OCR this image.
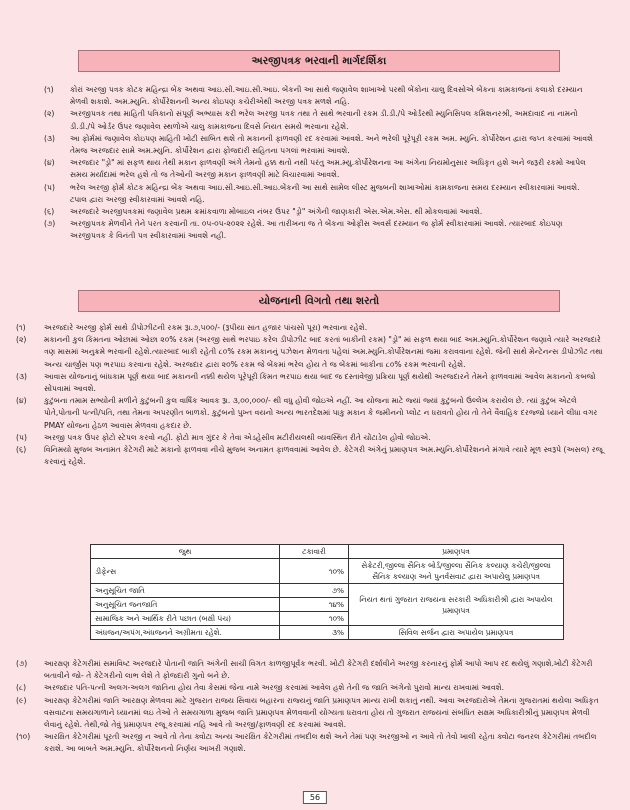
અરજીપત્રક ભરવાની માર્ગદર્શિકા
(૧)	કોરાં અરજી પત્રક કોટક મહિન્દ્રા બેંક અથવા આઇ.સી.આઇ.સી.આઇ. બેંકની આ સાથે જણાવેલ શાખાઓ પરથી બેંકોના ચાલુ દિવસોએ બેંકના કામકાજનાં કલાકો દરમ્યાન મેળવી શકાશે. અમ.મ્યુનિ. કોર્પોરેશનની અન્ય કોઇપણ કચેરીએથી અરજી પત્રક મળશે નહિ.
(૨)	અરજીપત્રક તથા માહિતી પત્રિકાનો સંપૂર્ણ અભ્યાસ કરી ભરેલ અરજી પત્રક તથા તે સાથે ભરવાની રકમ ડી.ડી./પે ઓર્ડરથી મ્યુનિસિપલ કમિશનરશ્રી, અમદાવાદ ના નામનો ડી.ડી./પે ઓર્ડર ઉપર જણાવેલ સ્થળોએ ચાલુ કામકાજના દિવસે નિયત સમયે ભરવાના રહેશે.
(૩)	આ ફોર્મમાં જણાવેલ કોઇપણ માહિતી ખોટી સાબિત થશે તો મકાનની ફાળવણી રદ કરવામાં આવશે. અને ભરેલી પૂરેપૂરી રકમ અમ. મ્યુનિ. કોર્પોરેશન દ્વારા જપ્ત કરવામાં આવશે તેમજ અરજદાર સામે અમ.મ્યુનિ. કોર્પોરેશન દ્વારા ફોજદારી સહિતના પગલાં ભરવામાં આવશે.
(૪)	અરજદાર "ડ્રો" માં સફળ થાય તેથી મકાન ફાળવણી અંગે તેમનો હક્ક થતો નથી પરંતુ અમ.મ્યુ.કોર્પોરેશનના આ અંગેના નિયમોનુસાર અધિકૃત હશે અને જરૂરી રકમો આપેલ સમય મર્યાદામાં ભરેલ હશે તો જ તેઓની અરજી મકાન ફાળવણી માટે વિચારવામાં આવશે.
(૫)	ભરેલ અરજી ફોર્મ કોટક મહિન્દ્રા બેંક અથવા આઇ.સી.આઇ.સી.આઇ.બેંકની આ સાથે સામેલ લીસ્ટ મુજબની શાખાઓમાં કામકાજના સમય દરમ્યાન સ્વીકારવામાં આવશે. ટપાલ દ્વારા અરજી સ્વીકારવામાં આવશે નહિ.
(૬)	અરજદારે અરજીપત્રકમાં જણાવેલ પ્રથમ ક્રમાંકવાળા મોબાઇલ નંબર ઉપર "ડ્રો" અંગેની જાણકારી એસ.એમ.એસ. થી મોકલવામાં આવશે.
(૭)	અરજીપત્રક મેળવીને તેને પરત કરવાની તા. ૦૫-૦૫-૨૦૨૨ રહેશે. આ તારીખના જ તે બેંકના ઓફીસ અવર્સ દરમ્યાન જ ફોર્મ સ્વીકારવામાં આવશે. ત્યારબાદ કોઇપણ અરજીપત્રક કે વિનંતી પત્ર સ્વીકારવામાં આવશે નહી.
યોજનાની વિગતો તથા શરતો
(૧)	અરજદારે અરજી ફોર્મ સાથે ડીપોઝીટની રકમ રૂા.૭,૫૦૦/- (રૂપીયા સાત હજાર પાંચસો પૂરા) ભરવાના રહેશે.
(૨)	મકાનની કુલ કિંમતના ઓછામાં ઓછા ૨૦% રકમ (અરજી સાથે ભરપાઇ કરેલ ડીપોઝીટ બાદ કરતાં બાકીની રકમ) "ડ્રો" માં સફળ થયા બાદ અમ.મ્યુનિ.કોર્પોરેશન જણાવે ત્યારે અરજદારે ત્રણ માસમાં અનુક્રમે ભરવાની રહેશે.ત્યારબાદ બાકી રહેતી ૮૦% રકમ મકાનનું પઝેશન મેળવતા પહેલાં અમ.મ્યુનિ.કોર્પોરેશનમાં જમા કરાવવાના રહેશે. જેની સાથે મેન્ટેનન્સ ડીપોઝીટ તથા અન્ય ચાર્જીસ પણ ભરપાઇ કરવાના રહેશે. અરજદાર દ્વારા ૨૦% રકમ જે બેંકમાં ભરેલ હોય તે જ બેંકમાં બાકીના ૮૦% રકમ ભરવાની રહેશે.
(૩)	આવાસ યોજનાનું બાંધકામ પૂર્ણ થયા બાદ મકાનની નક્કી થયેલ પૂરેપૂરી કિંમત ભરપાઇ થયા બાદ જ દસ્તાવેજી પ્રક્રિયા પૂર્ણ થયેથી અરજદારને તેમને ફાળવવામાં આવેલ મકાનનો કબજો સોંપવામાં આવશે.
(૪)	કુટુંબના તમામ સભ્યોની મળીને કુટુંબની કુલ વાર્ષિક આવક રૂા. ૩,૦૦,૦૦૦/- થી વધુ હોવી જોઇએ નહીં. આ યોજના માટે જ્યાં જ્યાં કુટુંબનો ઉલ્લેખ કરાયેલ છે. ત્યાં કુટુંબ એટલે પોતે,પોતાની પત્ની/પતિ, તથા તેમના અપરણીત બાળકો. કુટુંબનો પુખ્ત વયનો અન્ય ભારતદેશમાં પાકુ મકાન કે જમીનનો પ્લોટ ન ધરાવતો હોય તો તેને વૈવાહિક દરજ્જો ધ્યાને લીધા વગર PMAY યોજના હેઠળ આવાસ મેળવવા હકદાર છે.
(૫)	અરજી પત્રક ઉપર ફોટો સ્ટેપલ કરવો નહી. ફોટો માત્ર ગુંદર કે તેવા એડહેસીવ મટીરીયલથી વ્યવસ્થિત રીતે ચોંટાડેલ હોવો જોઇએ.
(૬)	વિનિમયો મુજબ અનામત કેટેગરી માટે મકાનો ફાળવવા નીચે મુજબ અનામત ફાળવવામાં આવેલ છે. કેટેગરી અંગેનું પ્રમાણપત્ર અમ.મ્યુનિ.કોર્પોરેશનને મંગાવે ત્યારે મૂળ સ્વરૂપે (અસલ) રજૂ કરવાનું રહેશે.
જુથ	ટકાવારી	પ્રમાણપત્ર
ડીફેન્સ	૧૦%	સેક્રેટરી,જીલ્લા સૈનિક બોર્ડ/જીલ્લા સૈનિક કલ્યાણ કચેરી/જીલ્લા સૈનિક કલ્યાણ અને પુનર્વસવાટ દ્વારા અપાયેલુ પ્રમાણપત્ર
અનુસૂચિત જાતિ	૭%	નિયત થતાં ગુજરાત રાજયના સરકારી અધિકારીશ્રી દ્વારા અપાયેલ પ્રમાણપત્ર
અનુસૂચિત જનજાતિ	૧૪%	
સામાજિક અને આર્થિક રીતે પછાત (બક્ષી પંચ)	૧૦%	
અંધજન/અપંગ,અંધજનને અગ્રીમતા રહેશે.	૩%	સિવિલ સર્જન દ્વારા અપાયેલ પ્રમાણપત્ર
(૭)	આરક્ષણ કેટેગરીમાં સમાવિષ્ટ અરજદારે પોતાની જાતિ અંગેની સાચી વિગત કાળજીપૂર્વક ભરવી. ખોટી કેટેગરી દર્શાવીને અરજી કરનારનું ફોર્મ આપો આપ રદ થયેલું ગણાશે.ખોટી કેટેગરી બતાવીને જો- તે કેટેગરીનો લાભ લેશે તે ફોજદારી ગુનો બને છે.
(૮)	અરજદાર પતિ-પત્ની અલગ-અલગ જાતિના હોય તેવા કેસમાં જેના નામે અરજી કરવામાં આવેલ હશે તેની જ જાતિ અંગેનો પુરાવો માન્ય રાખવામાં આવશે.
(૯)	આરક્ષણ કેટેગરીમાં જાતિ આરક્ષણ મેળવવા માટે ગુજરાત રાજય સિવાય બહારના રાજ્યનું જાતિ પ્રમાણપત્ર માન્ય રાખી શકાતું નથી. આવા અરજદારોએ તેમના ગુજરાતમાં થયેલા અધિકૃત વસવાટના સમયગાળાને ધ્યાનમાં લઇ તેઓ તે સમયગાળા મુજબ જાતિ પ્રમાણપત્ર મેળવવાની યોગ્યતા ધરાવતા હોય તો ગુજરાત રાજયનાં સંબંધિત સક્ષમ અધિકારીશ્રીનું પ્રમાણપત્ર મેળવી લેવાનું રહેશે. તેથી,જો તેવું પ્રમાણપત્ર રજૂ કરવામાં નહિ આવે તો અરજી/ફાળવણી રદ કરવામાં આવશે.
(૧૦)	આરક્ષિત કેટેગરીમાં પૂરતી અરજી ન આવે તો તેના ક્વોટા અન્ય આરક્ષિત કેટેગરીમાં તબદીલ થશે અને તેમાં પણ અરજીઓ ન આવે તો તેવો ખાલી રહેતા ક્વોટા જનરલ કેટેગરીમાં તબદીલ કરાશે. આ બાબતે અમ.મ્યુનિ. કોર્પોરેશનનો નિર્ણય આખરી ગણાશે.
56
